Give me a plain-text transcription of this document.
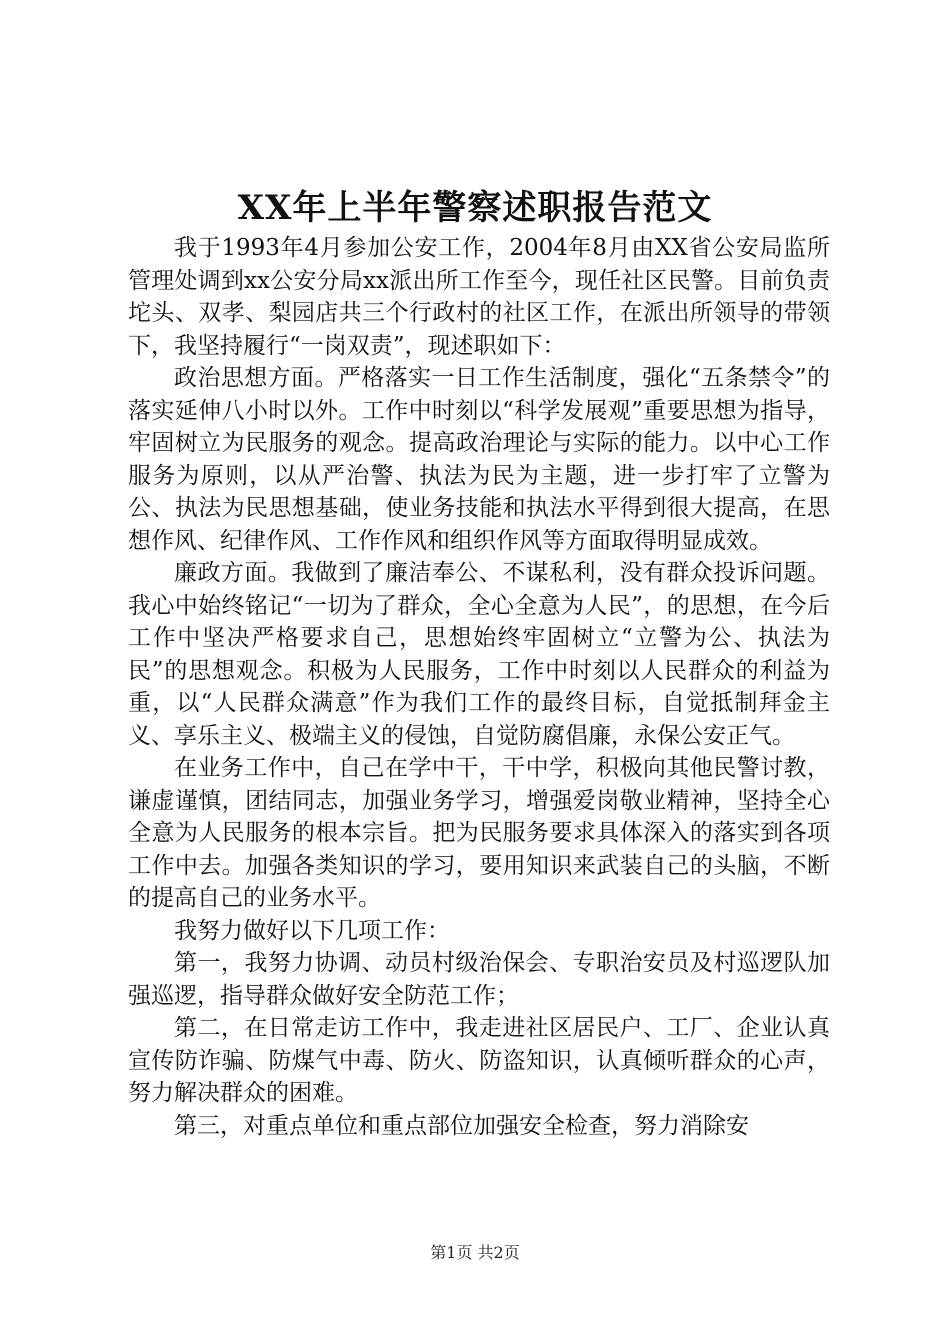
XX年上半年警察述职报告范文

我于1993年4月参加公安工作，2004年8月由XX省公安局监所管理处调到xx公安分局xx派出所工作至今，现任社区民警。目前负责坨头、双孝、梨园店共三个行政村的社区工作，在派出所领导的带领下，我坚持履行“一岗双责”，现述职如下：

政治思想方面。严格落实一日工作生活制度，强化“五条禁令”的落实延伸八小时以外。工作中时刻以“科学发展观”重要思想为指导，牢固树立为民服务的观念。提高政治理论与实际的能力。以中心工作服务为原则，以从严治警、执法为民为主题，进一步打牢了立警为公、执法为民思想基础，使业务技能和执法水平得到很大提高，在思想作风、纪律作风、工作作风和组织作风等方面取得明显成效。

廉政方面。我做到了廉洁奉公、不谋私利，没有群众投诉问题。我心中始终铭记“一切为了群众，全心全意为人民”，的思想，在今后工作中坚决严格要求自己，思想始终牢固树立“立警为公、执法为民”的思想观念。积极为人民服务，工作中时刻以人民群众的利益为重，以“人民群众满意”作为我们工作的最终目标，自觉抵制拜金主义、享乐主义、极端主义的侵蚀，自觉防腐倡廉，永保公安正气。

在业务工作中，自己在学中干，干中学，积极向其他民警讨教，谦虚谨慎，团结同志，加强业务学习，增强爱岗敬业精神，坚持全心全意为人民服务的根本宗旨。把为民服务要求具体深入的落实到各项工作中去。加强各类知识的学习，要用知识来武装自己的头脑，不断的提高自己的业务水平。

我努力做好以下几项工作：

第一，我努力协调、动员村级治保会、专职治安员及村巡逻队加强巡逻，指导群众做好安全防范工作；

第二，在日常走访工作中，我走进社区居民户、工厂、企业认真宣传防诈骗、防煤气中毒、防火、防盗知识，认真倾听群众的心声，努力解决群众的困难。

第三，对重点单位和重点部位加强安全检查，努力消除安

第1页 共2页
